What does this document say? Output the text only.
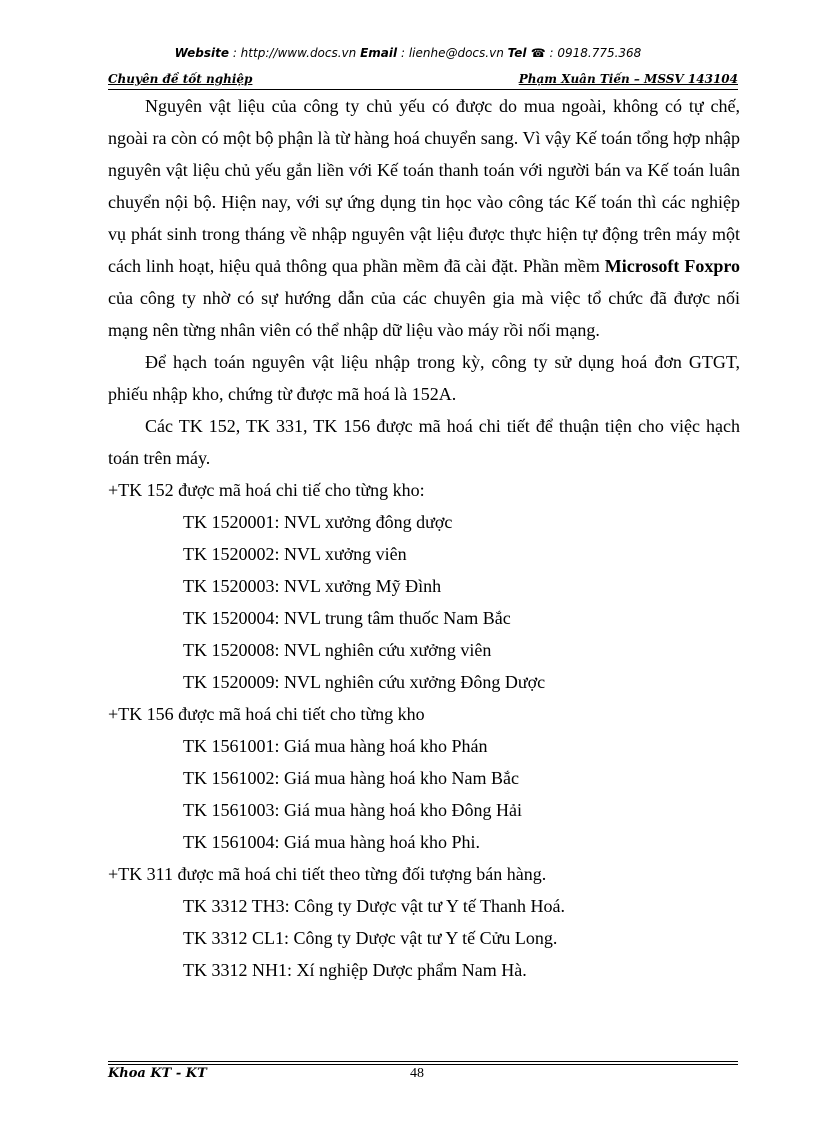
Website : http://www.docs.vn Email : lienhe@docs.vn Tel ☎ : 0918.775.368
Chuyên đề tốt nghiệp	Phạm Xuân Tiến – MSSV 143104

Nguyên vật liệu của công ty chủ yếu có được do mua ngoài, không có tự chế, ngoài ra còn có một bộ phận là từ hàng hoá chuyển sang. Vì vậy Kế toán tổng hợp nhập nguyên vật liệu chủ yếu gắn liền với Kế toán thanh toán với người bán va Kế toán luân chuyển nội bộ. Hiện nay, với sự ứng dụng tin học vào công tác Kế toán thì các nghiệp vụ phát sinh trong tháng về nhập nguyên vật liệu được thực hiện tự động trên máy một cách linh hoạt, hiệu quả thông qua phần mềm đã cài đặt. Phần mềm Microsoft Foxpro của công ty nhờ có sự hướng dẫn của các chuyên gia mà việc tổ chức đã được nối mạng nên từng nhân viên có thể nhập dữ liệu vào máy rồi nối mạng.

Để hạch toán nguyên vật liệu nhập trong kỳ, công ty sử dụng hoá đơn GTGT, phiếu nhập kho, chứng từ được mã hoá là 152A.

Các TK 152, TK 331, TK 156 được mã hoá chi tiết để thuận tiện cho việc hạch toán trên máy.

+TK 152 được mã hoá chi tiế cho từng kho:

TK 1520001: NVL xưởng đông dược

TK 1520002: NVL xưởng viên

TK 1520003: NVL xưởng Mỹ Đình

TK 1520004: NVL trung tâm thuốc Nam Bắc

TK 1520008: NVL nghiên cứu xưởng viên

TK 1520009: NVL nghiên cứu xưởng Đông Dược

+TK 156 được mã hoá chi tiết cho từng kho

TK 1561001: Giá mua hàng hoá kho Phán

TK 1561002: Giá mua hàng hoá kho Nam Bắc

TK 1561003: Giá mua hàng hoá kho Đông Hải

TK 1561004: Giá mua hàng hoá kho Phi.

+TK 311 được mã hoá chi tiết theo từng đối tượng bán hàng.

TK 3312 TH3: Công ty Dược vật tư Y tế Thanh Hoá.

TK 3312 CL1: Công ty Dược vật tư Y tế Cửu Long.

TK 3312 NH1: Xí nghiệp Dược phẩm Nam Hà.

Khoa KT - KT	48
